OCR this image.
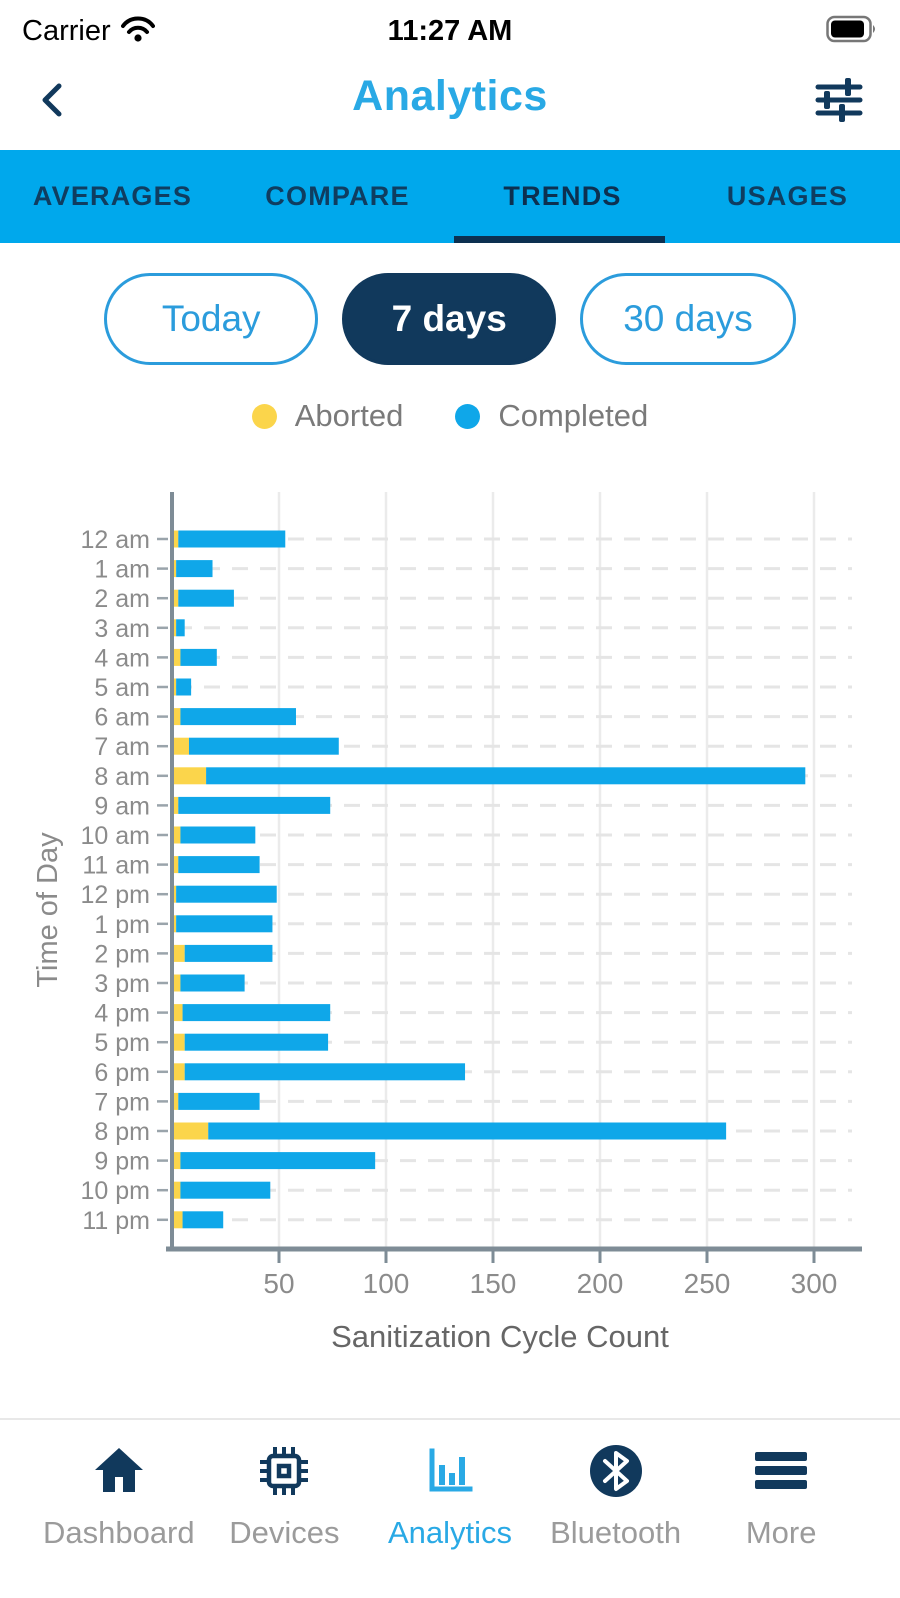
Carrier	11:27 AM
Analytics
AVERAGES	COMPARE	TRENDS	USAGES
Today	7 days	30 days
Aborted	Completed
12 am
1 am
2 am
3 am
4 am
5 am
6 am
7 am
8 am
9 am
10 am
11 am
12 pm
1 pm
2 pm
3 pm
4 pm
5 pm
6 pm
7 pm
8 pm
9 pm
10 pm
11 pm
50 100 150 200 250 300
Sanitization Cycle Count
Time of Day
Dashboard Devices Analytics Bluetooth More
